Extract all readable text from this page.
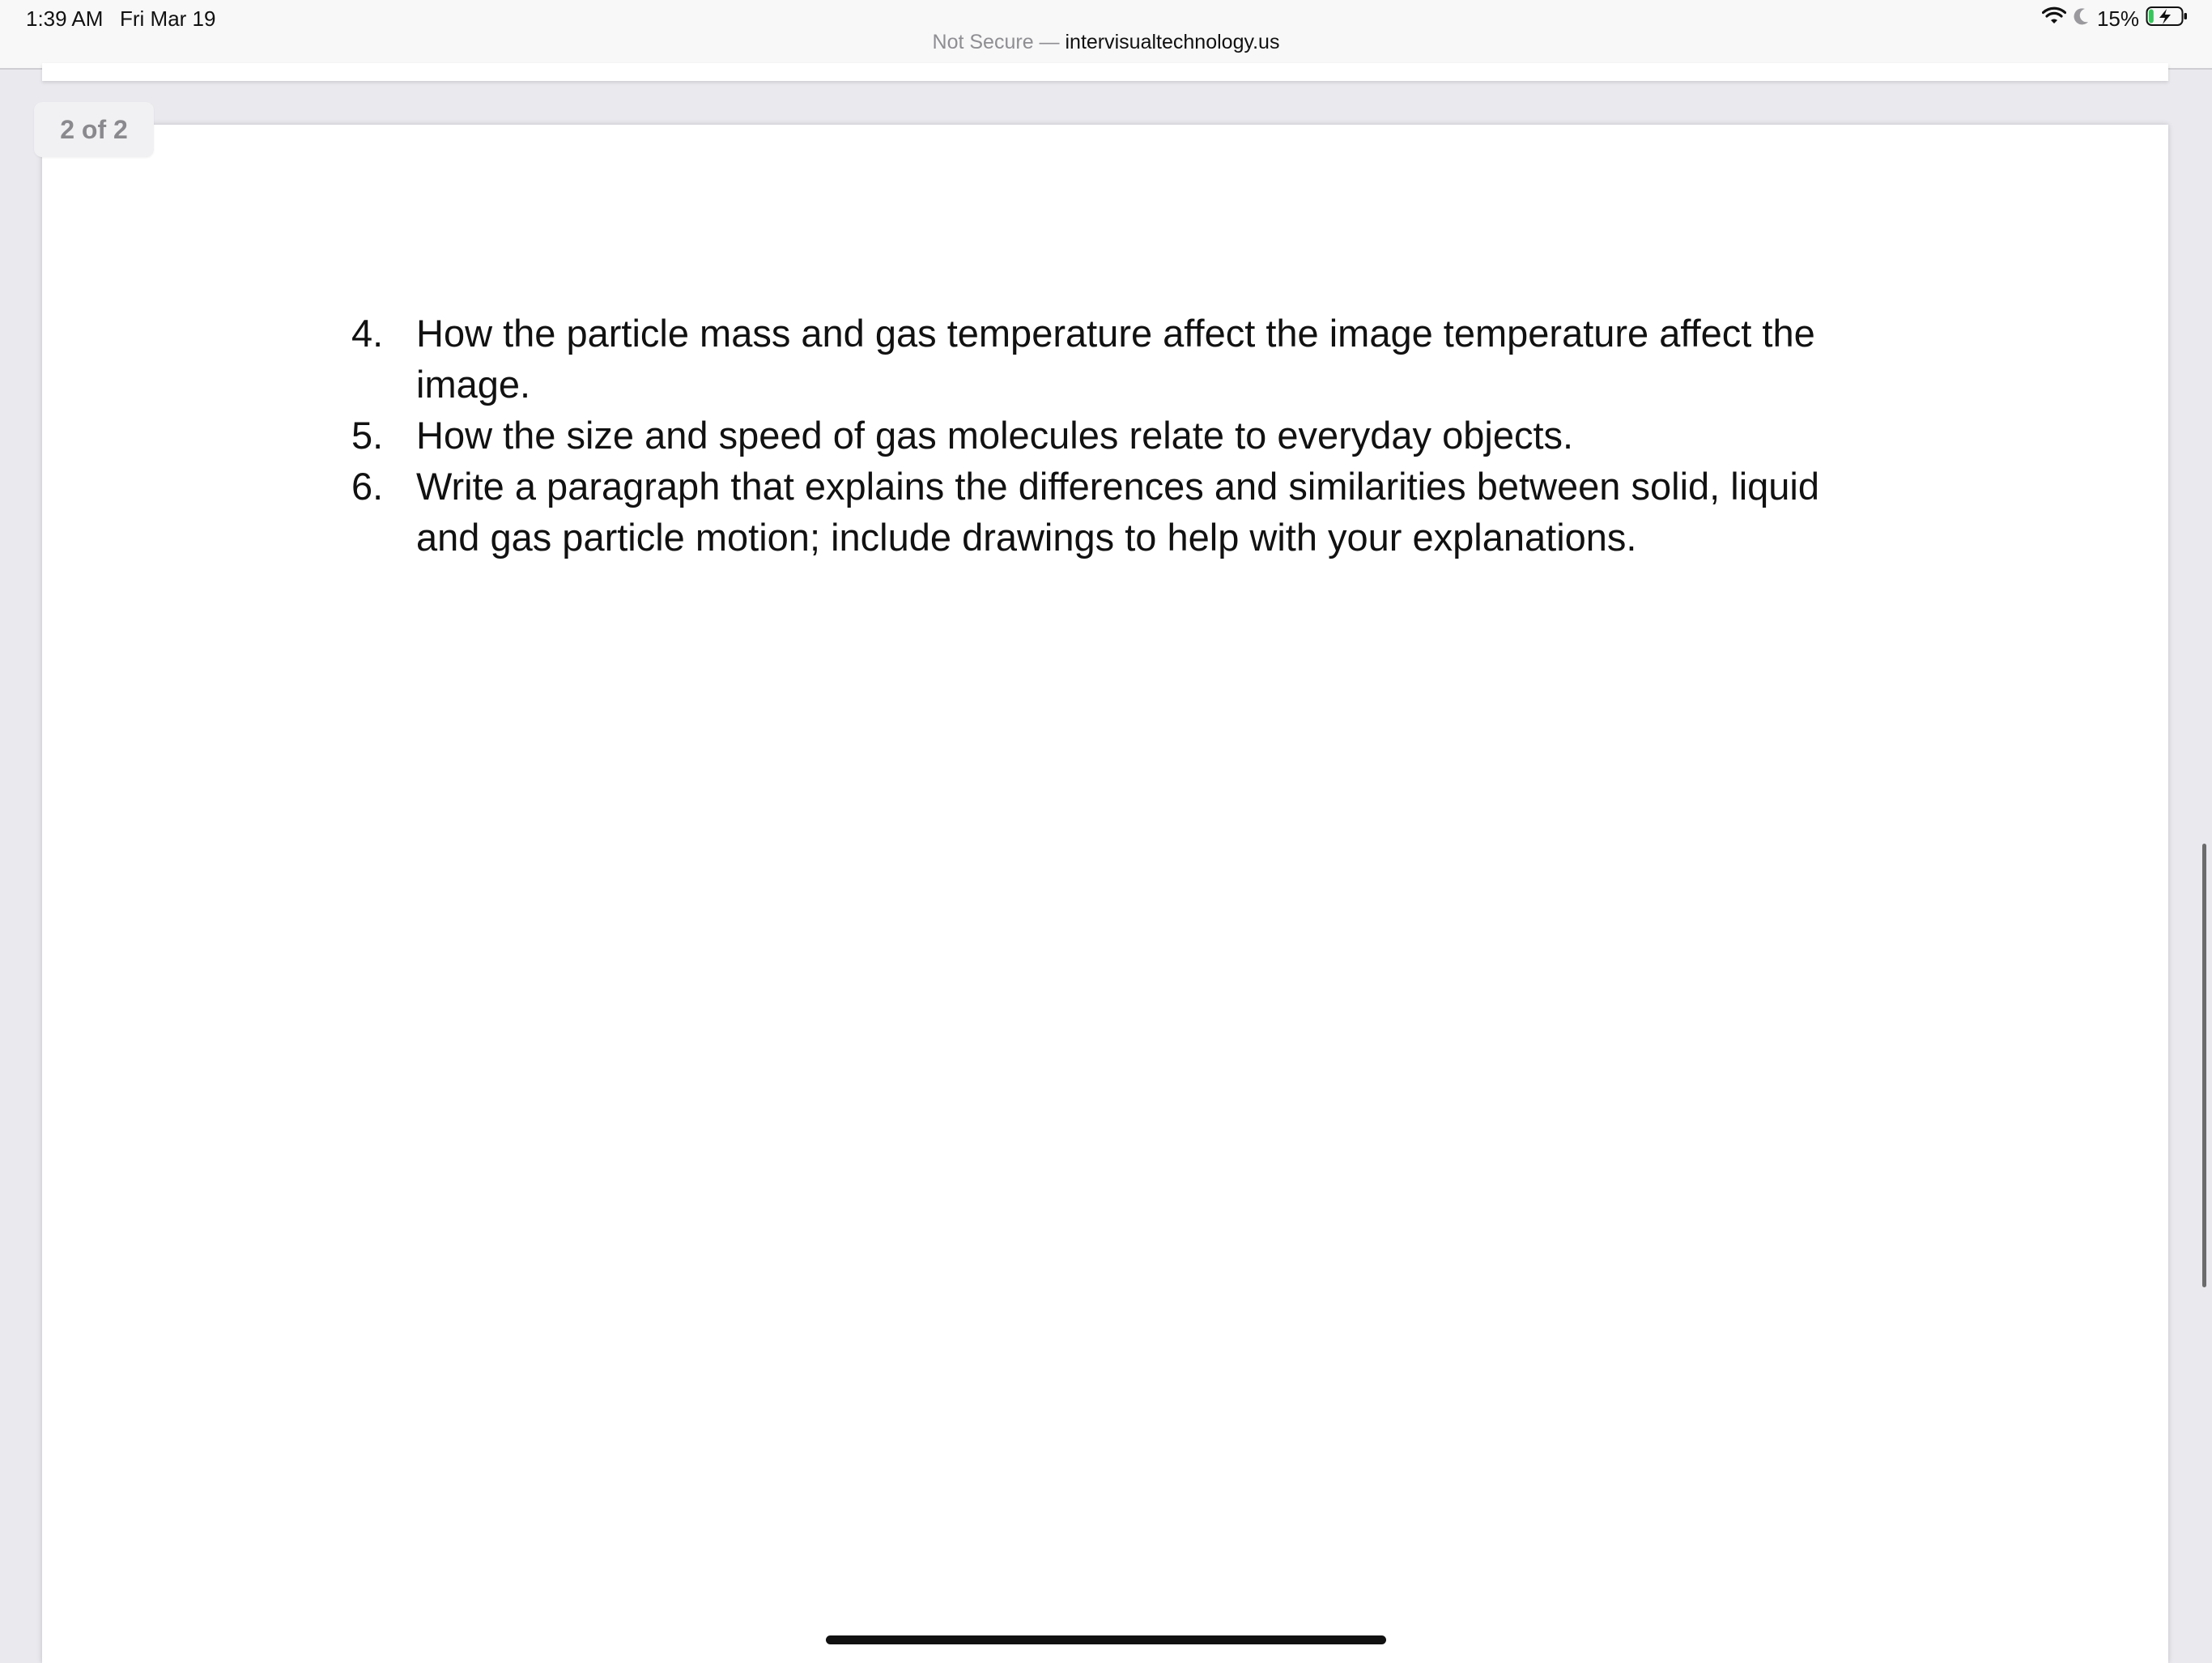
1:39 AM Fri Mar 19	15%
Not Secure — intervisualtechnology.us
2 of 2
4. How the particle mass and gas temperature affect the image temperature affect the image.
5. How the size and speed of gas molecules relate to everyday objects.
6. Write a paragraph that explains the differences and similarities between solid, liquid and gas particle motion; include drawings to help with your explanations.
